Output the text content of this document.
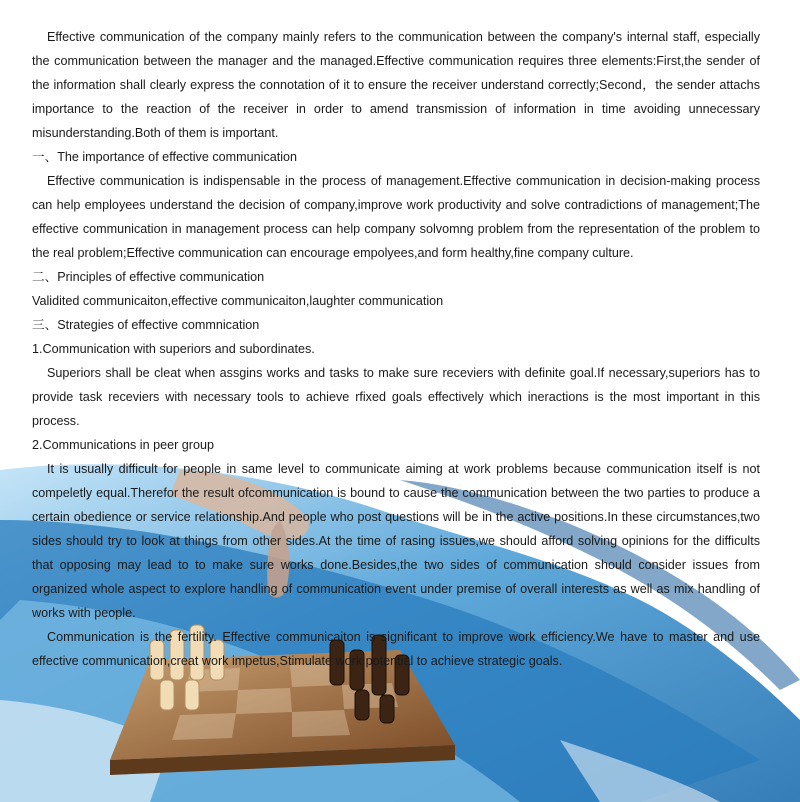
Effective communication of the company mainly refers to the communication between the company's internal staff, especially the communication between the manager and the managed.Effective communication requires three elements:First,the sender of the information shall clearly express the connotation of it to ensure the receiver understand correctly;Second，the sender attachs importance to the reaction of the receiver in order to amend transmission of information in time avoiding unnecessary misunderstanding.Both of them is important.

一、The importance of effective communication

Effective communication is indispensable in the process of management.Effective communication in decision-making process can help employees understand the decision of company,improve work productivity and solve contradictions of management;The effective communication in management process can help company solvomng problem from the representation of the problem to the real problem;Effective communication can encourage empolyees,and form healthy,fine company culture.

二、Principles of effective communication

Validited communicaiton,effective communicaiton,laughter communication

三、Strategies of effective commnication

1.Communication with superiors and subordinates.

Superiors shall be cleat when assgins works and tasks to make sure receviers with definite goal.If necessary,superiors has to provide task receviers with necessary tools to achieve rfixed goals effectively which ineractions is the most important in this process.

2.Communications in peer group

It is usually difficult for people in same level to communicate aiming at work problems because communication itself is not compeletly equal.Therefor the result ofcommunication is bound to cause the communication between the two parties to produce a certain obedience or service relationship.And people who post questions will be in the active positions.In these circumstances,two sides should try to look at things from other sides.At the time of rasing issues,we should afford solving opinions for the difficults that opposing may lead to to make sure works done.Besides,the two sides of communication should consider issues from organized whole aspect to explore handling of communication event under premise of overall interests as well as mix handling of works with people.

Communication is the fertility. Effective communicaiton is significant to improve work efficiency.We have to master and use effective communication,creat work impetus,Stimulate work potential to achieve strategic goals.
